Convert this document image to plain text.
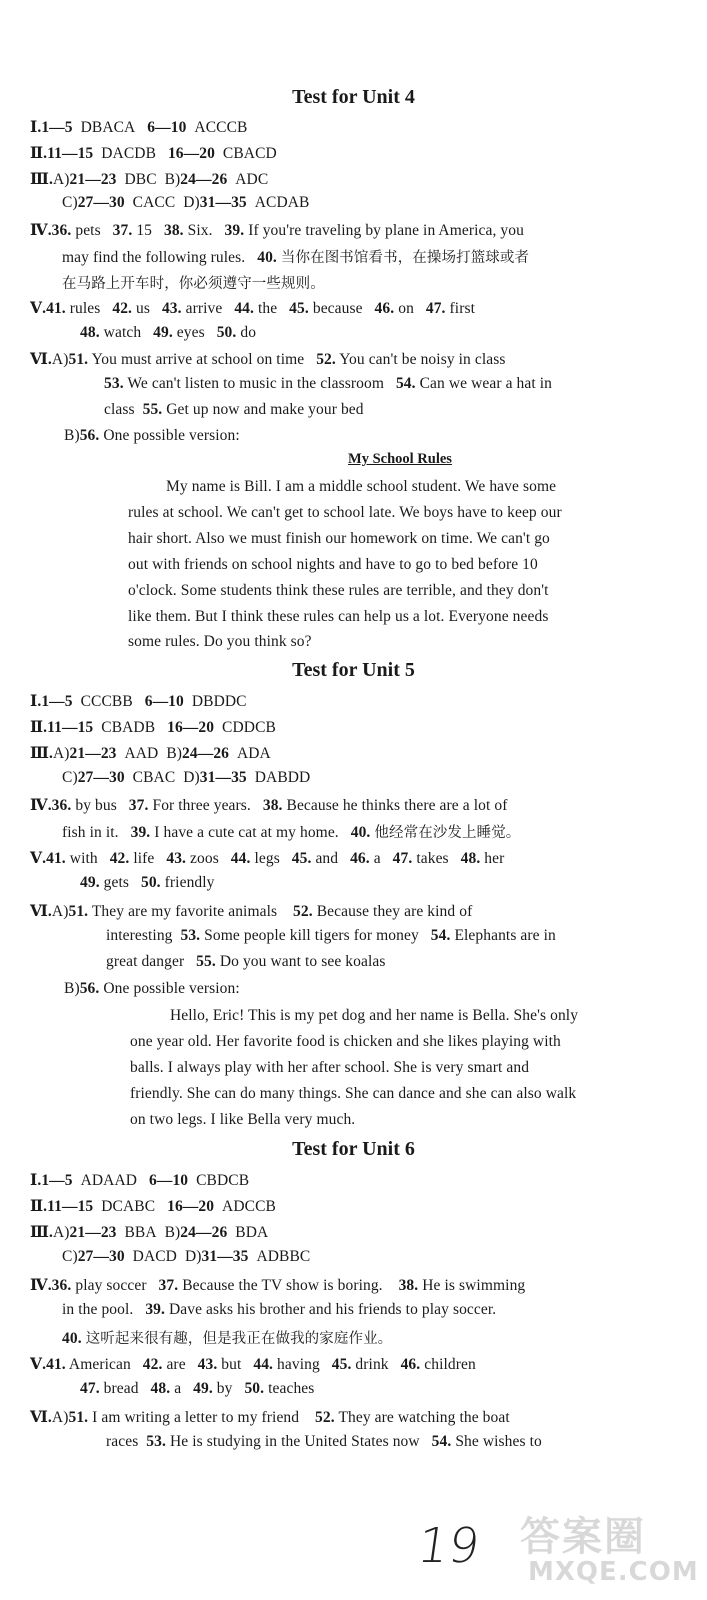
Test for Unit 4
Ⅰ.1—5 DBACA 6—10 ACCCB
Ⅱ.11—15 DACDB 16—20 CBACD
Ⅲ.A)21—23 DBC B)24—26 ADC
C)27—30 CACC D)31—35 ACDAB
Ⅳ.36. pets 37. 15 38. Six. 39. If you're traveling by plane in America, you
may find the following rules. 40. 当你在图书馆看书，在操场打篮球或者
在马路上开车时，你必须遵守一些规则。
Ⅴ.41. rules 42. us 43. arrive 44. the 45. because 46. on 47. first
48. watch 49. eyes 50. do
Ⅵ.A)51. You must arrive at school on time 52. You can't be noisy in class
53. We can't listen to music in the classroom 54. Can we wear a hat in
class 55. Get up now and make your bed
B)56. One possible version:
My School Rules
My name is Bill. I am a middle school student. We have some
rules at school. We can't get to school late. We boys have to keep our
hair short. Also we must finish our homework on time. We can't go
out with friends on school nights and have to go to bed before 10
o'clock. Some students think these rules are terrible, and they don't
like them. But I think these rules can help us a lot. Everyone needs
some rules. Do you think so?
Test for Unit 5
Ⅰ.1—5 CCCBB 6—10 DBDDC
Ⅱ.11—15 CBADB 16—20 CDDCB
Ⅲ.A)21—23 AAD B)24—26 ADA
C)27—30 CBAC D)31—35 DABDD
Ⅳ.36. by bus 37. For three years. 38. Because he thinks there are a lot of
fish in it. 39. I have a cute cat at my home. 40. 他经常在沙发上睡觉。
Ⅴ.41. with 42. life 43. zoos 44. legs 45. and 46. a 47. takes 48. her
49. gets 50. friendly
Ⅵ.A)51. They are my favorite animals 52. Because they are kind of
interesting 53. Some people kill tigers for money 54. Elephants are in
great danger 55. Do you want to see koalas
B)56. One possible version:
Hello, Eric! This is my pet dog and her name is Bella. She's only
one year old. Her favorite food is chicken and she likes playing with
balls. I always play with her after school. She is very smart and
friendly. She can do many things. She can dance and she can also walk
on two legs. I like Bella very much.
Test for Unit 6
Ⅰ.1—5 ADAAD 6—10 CBDCB
Ⅱ.11—15 DCABC 16—20 ADCCB
Ⅲ.A)21—23 BBA B)24—26 BDA
C)27—30 DACD D)31—35 ADBBC
Ⅳ.36. play soccer 37. Because the TV show is boring. 38. He is swimming
in the pool. 39. Dave asks his brother and his friends to play soccer.
40. 这听起来很有趣，但是我正在做我的家庭作业。
Ⅴ.41. American 42. are 43. but 44. having 45. drink 46. children
47. bread 48. a 49. by 50. teaches
Ⅵ.A)51. I am writing a letter to my friend 52. They are watching the boat
races 53. He is studying in the United States now 54. She wishes to
19 答案圈
MXQE.COM
